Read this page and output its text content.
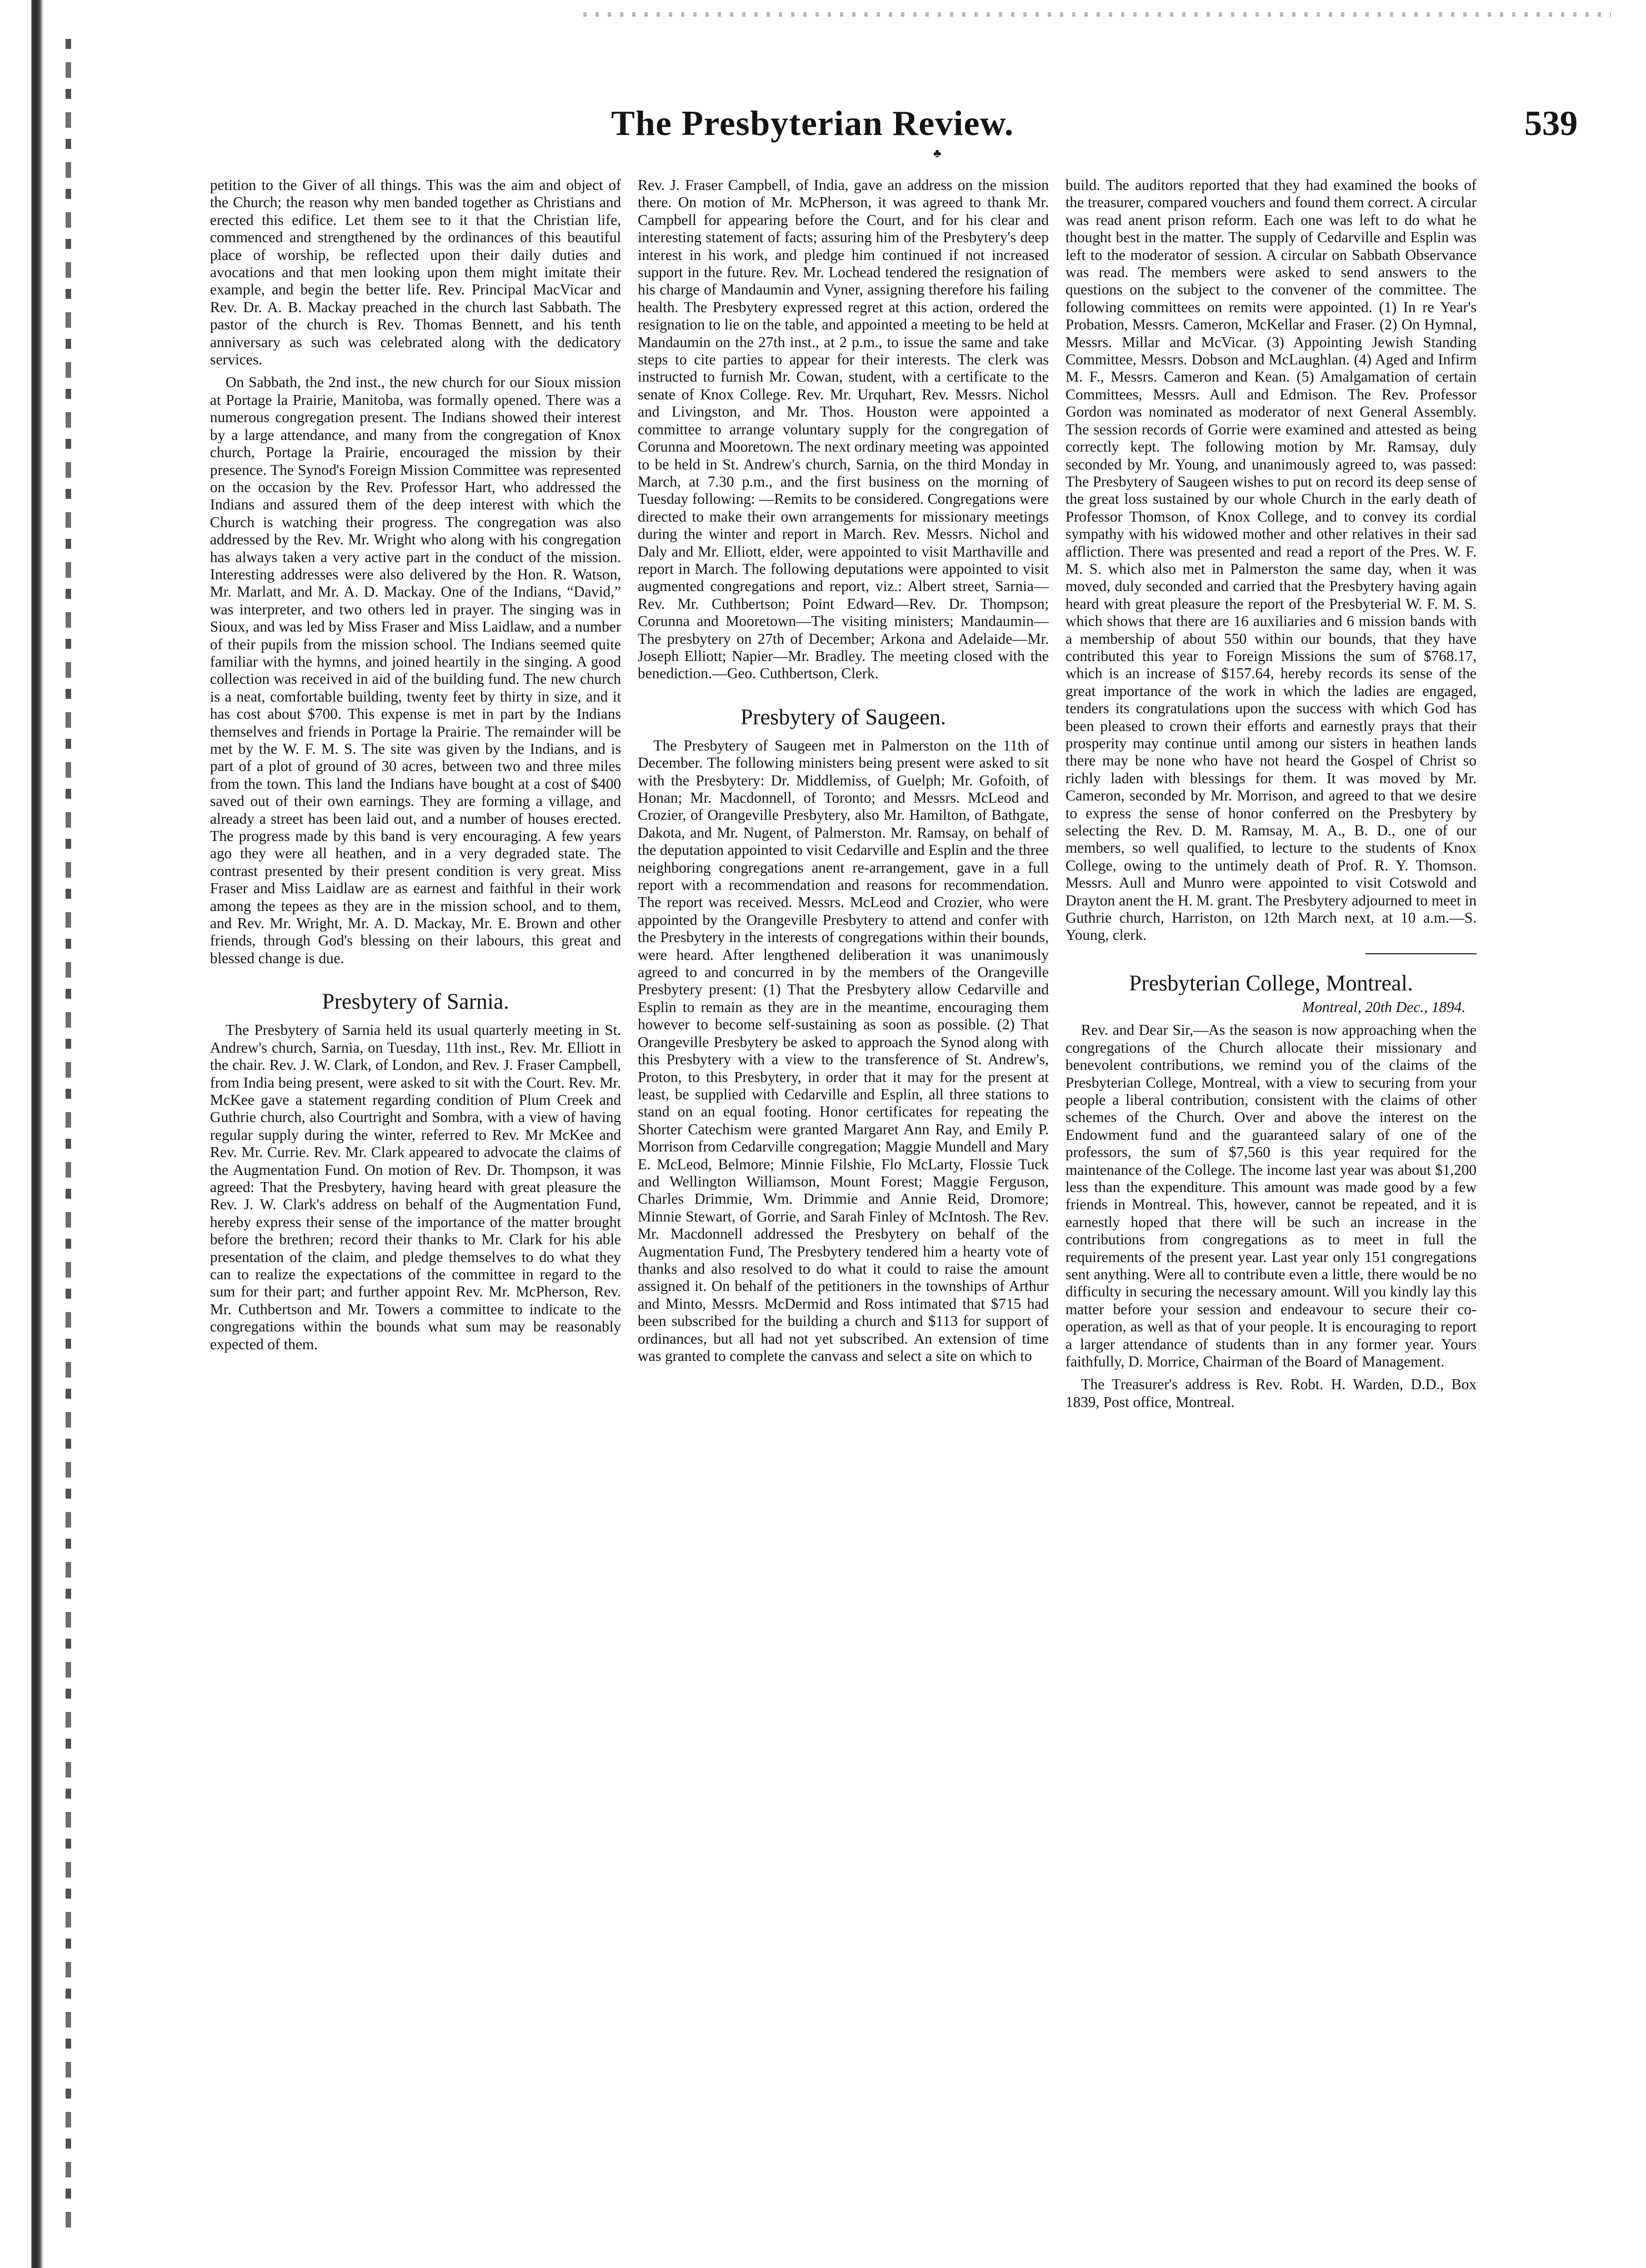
The Presbyterian Review.	539
♣

petition to the Giver of all things. This was the aim and object of the Church; the reason why men banded together as Christians and erected this edifice. Let them see to it that the Christian life, commenced and strengthened by the ordinances of this beautiful place of worship, be reflected upon their daily duties and avocations and that men looking upon them might imitate their example, and begin the better life. Rev. Principal MacVicar and Rev. Dr. A. B. Mackay preached in the church last Sabbath. The pastor of the church is Rev. Thomas Bennett, and his tenth anniversary as such was celebrated along with the dedicatory services.

On Sabbath, the 2nd inst., the new church for our Sioux mission at Portage la Prairie, Manitoba, was formally opened. There was a numerous congregation present. The Indians showed their interest by a large attendance, and many from the congregation of Knox church, Portage la Prairie, encouraged the mission by their presence. The Synod's Foreign Mission Committee was represented on the occasion by the Rev. Professor Hart, who addressed the Indians and assured them of the deep interest with which the Church is watching their progress. The congregation was also addressed by the Rev. Mr. Wright who along with his congregation has always taken a very active part in the conduct of the mission. Interesting addresses were also delivered by the Hon. R. Watson, Mr. Marlatt, and Mr. A. D. Mackay. One of the Indians, “David,” was interpreter, and two others led in prayer. The singing was in Sioux, and was led by Miss Fraser and Miss Laidlaw, and a number of their pupils from the mission school. The Indians seemed quite familiar with the hymns, and joined heartily in the singing. A good collection was received in aid of the building fund. The new church is a neat, comfortable building, twenty feet by thirty in size, and it has cost about $700. This expense is met in part by the Indians themselves and friends in Portage la Prairie. The remainder will be met by the W. F. M. S. The site was given by the Indians, and is part of a plot of ground of 30 acres, between two and three miles from the town. This land the Indians have bought at a cost of $400 saved out of their own earnings. They are forming a village, and already a street has been laid out, and a number of houses erected. The progress made by this band is very encouraging. A few years ago they were all heathen, and in a very degraded state. The contrast presented by their present condition is very great. Miss Fraser and Miss Laidlaw are as earnest and faithful in their work among the tepees as they are in the mission school, and to them, and Rev. Mr. Wright, Mr. A. D. Mackay, Mr. E. Brown and other friends, through God's blessing on their labours, this great and blessed change is due.

Presbytery of Sarnia.

The Presbytery of Sarnia held its usual quarterly meeting in St. Andrew's church, Sarnia, on Tuesday, 11th inst., Rev. Mr. Elliott in the chair. Rev. J. W. Clark, of London, and Rev. J. Fraser Campbell, from India being present, were asked to sit with the Court. Rev. Mr. McKee gave a statement regarding condition of Plum Creek and Guthrie church, also Courtright and Sombra, with a view of having regular supply during the winter, referred to Rev. Mr McKee and Rev. Mr. Currie. Rev. Mr. Clark appeared to advocate the claims of the Augmentation Fund. On motion of Rev. Dr. Thompson, it was agreed: That the Presbytery, having heard with great pleasure the Rev. J. W. Clark's address on behalf of the Augmentation Fund, hereby express their sense of the importance of the matter brought before the brethren; record their thanks to Mr. Clark for his able presentation of the claim, and pledge themselves to do what they can to realize the expectations of the committee in regard to the sum for their part; and further appoint Rev. Mr. McPherson, Rev. Mr. Cuthbertson and Mr. Towers a committee to indicate to the congregations within the bounds what sum may be reasonably expected of them.

Rev. J. Fraser Campbell, of India, gave an address on the mission there. On motion of Mr. McPherson, it was agreed to thank Mr. Campbell for appearing before the Court, and for his clear and interesting statement of facts; assuring him of the Presbytery's deep interest in his work, and pledge him continued if not increased support in the future. Rev. Mr. Lochead tendered the resignation of his charge of Mandaumin and Vyner, assigning therefore his failing health. The Presbytery expressed regret at this action, ordered the resignation to lie on the table, and appointed a meeting to be held at Mandaumin on the 27th inst., at 2 p.m., to issue the same and take steps to cite parties to appear for their interests. The clerk was instructed to furnish Mr. Cowan, student, with a certificate to the senate of Knox College. Rev. Mr. Urquhart, Rev. Messrs. Nichol and Livingston, and Mr. Thos. Houston were appointed a committee to arrange voluntary supply for the congregation of Corunna and Mooretown. The next ordinary meeting was appointed to be held in St. Andrew's church, Sarnia, on the third Monday in March, at 7.30 p.m., and the first business on the morning of Tuesday following: —Remits to be considered. Congregations were directed to make their own arrangements for missionary meetings during the winter and report in March. Rev. Messrs. Nichol and Daly and Mr. Elliott, elder, were appointed to visit Marthaville and report in March. The following deputations were appointed to visit augmented congregations and report, viz.: Albert street, Sarnia—Rev. Mr. Cuthbertson; Point Edward—Rev. Dr. Thompson; Corunna and Mooretown—The visiting ministers; Mandaumin—The presbytery on 27th of December; Arkona and Adelaide—Mr. Joseph Elliott; Napier—Mr. Bradley. The meeting closed with the benediction.—Geo. Cuthbertson, Clerk.

Presbytery of Saugeen.

The Presbytery of Saugeen met in Palmerston on the 11th of December. The following ministers being present were asked to sit with the Presbytery: Dr. Middlemiss, of Guelph; Mr. Gofoith, of Honan; Mr. Macdonnell, of Toronto; and Messrs. McLeod and Crozier, of Orangeville Presbytery, also Mr. Hamilton, of Bathgate, Dakota, and Mr. Nugent, of Palmerston. Mr. Ramsay, on behalf of the deputation appointed to visit Cedarville and Esplin and the three neighboring congregations anent re-arrangement, gave in a full report with a recommendation and reasons for recommendation. The report was received. Messrs. McLeod and Crozier, who were appointed by the Orangeville Presbytery to attend and confer with the Presbytery in the interests of congregations within their bounds, were heard. After lengthened deliberation it was unanimously agreed to and concurred in by the members of the Orangeville Presbytery present: (1) That the Presbytery allow Cedarville and Esplin to remain as they are in the meantime, encouraging them however to become self-sustaining as soon as possible. (2) That Orangeville Presbytery be asked to approach the Synod along with this Presbytery with a view to the transference of St. Andrew's, Proton, to this Presbytery, in order that it may for the present at least, be supplied with Cedarville and Esplin, all three stations to stand on an equal footing. Honor certificates for repeating the Shorter Catechism were granted Margaret Ann Ray, and Emily P. Morrison from Cedarville congregation; Maggie Mundell and Mary E. McLeod, Belmore; Minnie Filshie, Flo McLarty, Flossie Tuck and Wellington Williamson, Mount Forest; Maggie Ferguson, Charles Drimmie, Wm. Drimmie and Annie Reid, Dromore; Minnie Stewart, of Gorrie, and Sarah Finley of McIntosh. The Rev. Mr. Macdonnell addressed the Presbytery on behalf of the Augmentation Fund, The Presbytery tendered him a hearty vote of thanks and also resolved to do what it could to raise the amount assigned it. On behalf of the petitioners in the townships of Arthur and Minto, Messrs. McDermid and Ross intimated that $715 had been subscribed for the building a church and $113 for support of ordinances, but all had not yet subscribed. An extension of time was granted to complete the canvass and select a site on which to

build. The auditors reported that they had examined the books of the treasurer, compared vouchers and found them correct. A circular was read anent prison reform. Each one was left to do what he thought best in the matter. The supply of Cedarville and Esplin was left to the moderator of session. A circular on Sabbath Observance was read. The members were asked to send answers to the questions on the subject to the convener of the committee. The following committees on remits were appointed. (1) In re Year's Probation, Messrs. Cameron, McKellar and Fraser. (2) On Hymnal, Messrs. Millar and McVicar. (3) Appointing Jewish Standing Committee, Messrs. Dobson and McLaughlan. (4) Aged and Infirm M. F., Messrs. Cameron and Kean. (5) Amalgamation of certain Committees, Messrs. Aull and Edmison. The Rev. Professor Gordon was nominated as moderator of next General Assembly. The session records of Gorrie were examined and attested as being correctly kept. The following motion by Mr. Ramsay, duly seconded by Mr. Young, and unanimously agreed to, was passed: The Presbytery of Saugeen wishes to put on record its deep sense of the great loss sustained by our whole Church in the early death of Professor Thomson, of Knox College, and to convey its cordial sympathy with his widowed mother and other relatives in their sad affliction. There was presented and read a report of the Pres. W. F. M. S. which also met in Palmerston the same day, when it was moved, duly seconded and carried that the Presbytery having again heard with great pleasure the report of the Presbyterial W. F. M. S. which shows that there are 16 auxiliaries and 6 mission bands with a membership of about 550 within our bounds, that they have contributed this year to Foreign Missions the sum of $768.17, which is an increase of $157.64, hereby records its sense of the great importance of the work in which the ladies are engaged, tenders its congratulations upon the success with which God has been pleased to crown their efforts and earnestly prays that their prosperity may continue until among our sisters in heathen lands there may be none who have not heard the Gospel of Christ so richly laden with blessings for them. It was moved by Mr. Cameron, seconded by Mr. Morrison, and agreed to that we desire to express the sense of honor conferred on the Presbytery by selecting the Rev. D. M. Ramsay, M. A., B. D., one of our members, so well qualified, to lecture to the students of Knox College, owing to the untimely death of Prof. R. Y. Thomson. Messrs. Aull and Munro were appointed to visit Cotswold and Drayton anent the H. M. grant. The Presbytery adjourned to meet in Guthrie church, Harriston, on 12th March next, at 10 a.m.—S. Young, clerk.

Presbyterian College, Montreal.

Montreal, 20th Dec., 1894.

Rev. and Dear Sir,—As the season is now approaching when the congregations of the Church allocate their missionary and benevolent contributions, we remind you of the claims of the Presbyterian College, Montreal, with a view to securing from your people a liberal contribution, consistent with the claims of other schemes of the Church. Over and above the interest on the Endowment fund and the guaranteed salary of one of the professors, the sum of $7,560 is this year required for the maintenance of the College. The income last year was about $1,200 less than the expenditure. This amount was made good by a few friends in Montreal. This, however, cannot be repeated, and it is earnestly hoped that there will be such an increase in the contributions from congregations as to meet in full the requirements of the present year. Last year only 151 congregations sent anything. Were all to contribute even a little, there would be no difficulty in securing the necessary amount. Will you kindly lay this matter before your session and endeavour to secure their co-operation, as well as that of your people. It is encouraging to report a larger attendance of students than in any former year. Yours faithfully, D. Morrice, Chairman of the Board of Management.

The Treasurer's address is Rev. Robt. H. Warden, D.D., Box 1839, Post office, Montreal.
